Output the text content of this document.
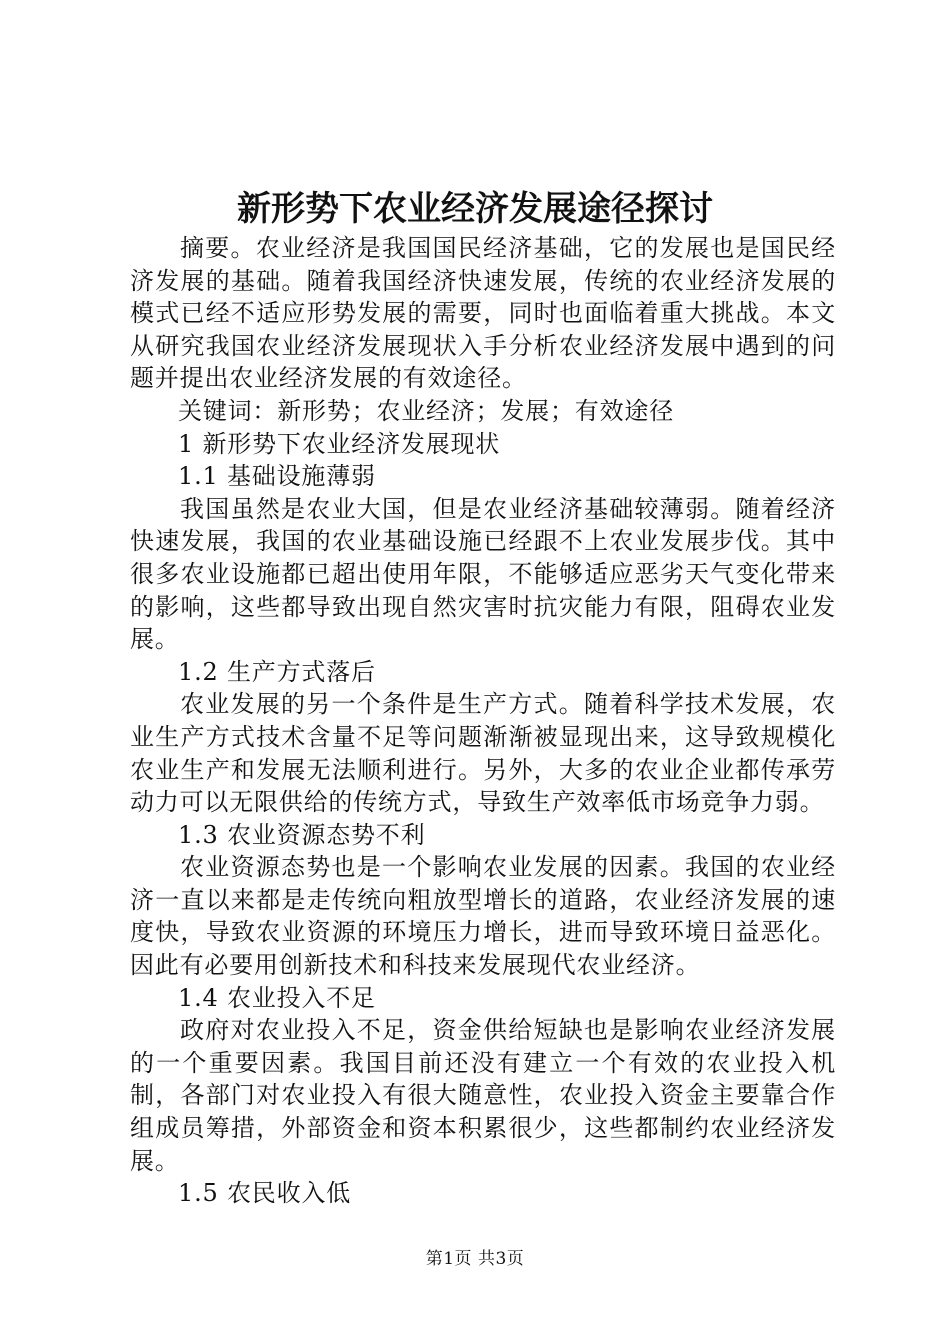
新形势下农业经济发展途径探讨

摘要。农业经济是我国国民经济基础，它的发展也是国民经济发展的基础。随着我国经济快速发展，传统的农业经济发展的模式已经不适应形势发展的需要，同时也面临着重大挑战。本文从研究我国农业经济发展现状入手分析农业经济发展中遇到的问题并提出农业经济发展的有效途径。

关键词：新形势；农业经济；发展；有效途径

1 新形势下农业经济发展现状

1.1 基础设施薄弱

我国虽然是农业大国，但是农业经济基础较薄弱。随着经济快速发展，我国的农业基础设施已经跟不上农业发展步伐。其中很多农业设施都已超出使用年限，不能够适应恶劣天气变化带来的影响，这些都导致出现自然灾害时抗灾能力有限，阻碍农业发展。

1.2 生产方式落后

农业发展的另一个条件是生产方式。随着科学技术发展，农业生产方式技术含量不足等问题渐渐被显现出来，这导致规模化农业生产和发展无法顺利进行。另外，大多的农业企业都传承劳动力可以无限供给的传统方式，导致生产效率低市场竞争力弱。

1.3 农业资源态势不利

农业资源态势也是一个影响农业发展的因素。我国的农业经济一直以来都是走传统向粗放型增长的道路，农业经济发展的速度快，导致农业资源的环境压力增长，进而导致环境日益恶化。因此有必要用创新技术和科技来发展现代农业经济。

1.4 农业投入不足

政府对农业投入不足，资金供给短缺也是影响农业经济发展的一个重要因素。我国目前还没有建立一个有效的农业投入机制，各部门对农业投入有很大随意性，农业投入资金主要靠合作组成员筹措，外部资金和资本积累很少，这些都制约农业经济发展。

1.5 农民收入低

第1页 共3页
